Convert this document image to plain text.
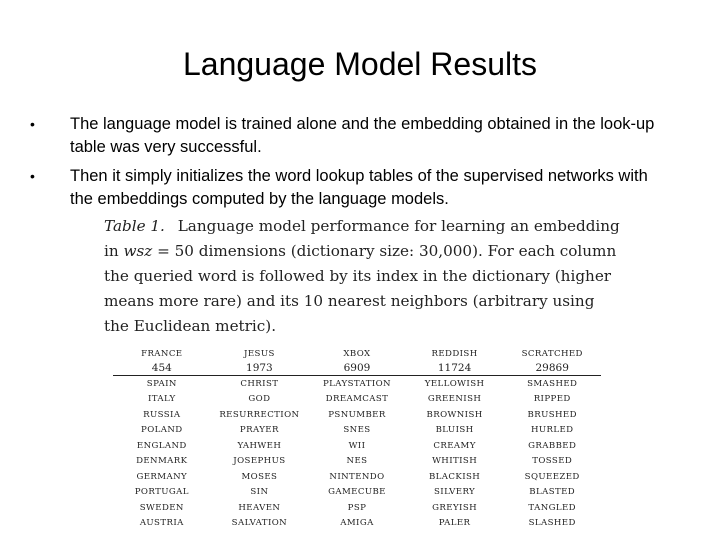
Language Model Results
•	The language model is trained alone and the embedding obtained in the look-up table was very successful.
•	Then it simply initializes the word lookup tables of the supervised networks with the embeddings computed by the language models.
Table 1. Language model performance for learning an embedding in wsz = 50 dimensions (dictionary size: 30,000). For each column the queried word is followed by its index in the dictionary (higher means more rare) and its 10 nearest neighbors (arbitrary using the Euclidean metric).
FRANCE	JESUS	XBOX	REDDISH	SCRATCHED
454	1973	6909	11724	29869
SPAIN	CHRIST	PLAYSTATION	YELLOWISH	SMASHED
ITALY	GOD	DREAMCAST	GREENISH	RIPPED
RUSSIA	RESURRECTION	PSNUMBER	BROWNISH	BRUSHED
POLAND	PRAYER	SNES	BLUISH	HURLED
ENGLAND	YAHWEH	WII	CREAMY	GRABBED
DENMARK	JOSEPHUS	NES	WHITISH	TOSSED
GERMANY	MOSES	NINTENDO	BLACKISH	SQUEEZED
PORTUGAL	SIN	GAMECUBE	SILVERY	BLASTED
SWEDEN	HEAVEN	PSP	GREYISH	TANGLED
AUSTRIA	SALVATION	AMIGA	PALER	SLASHED
